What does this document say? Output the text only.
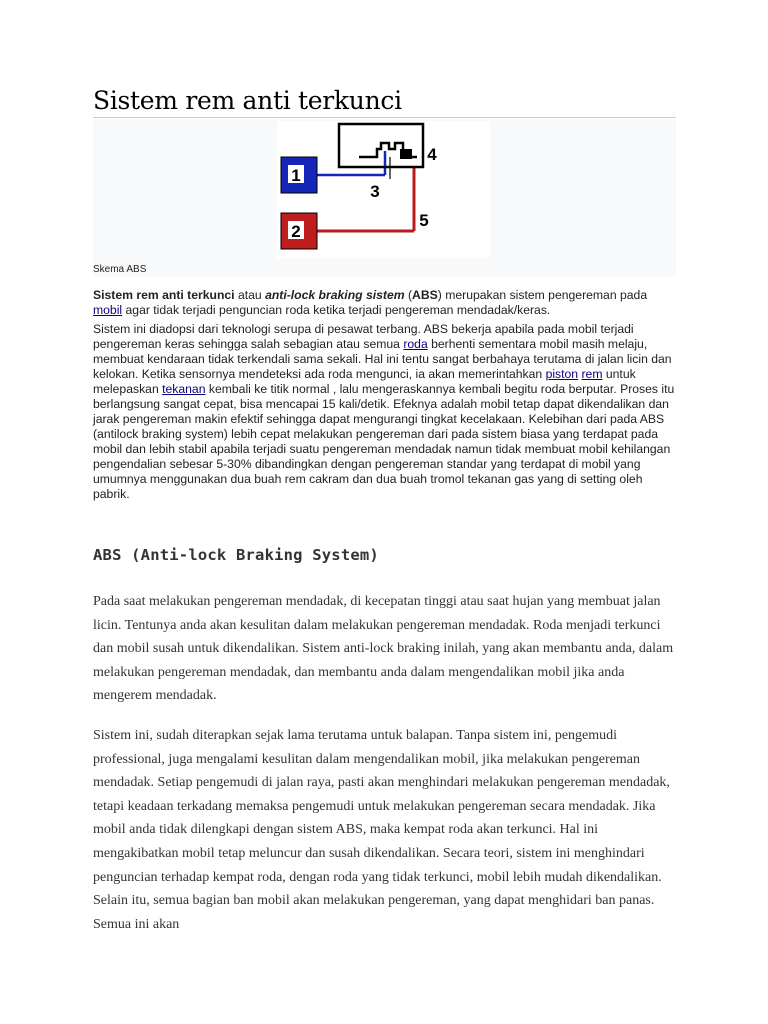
Sistem rem anti terkunci
1
2
3
4
5
Skema ABS

Sistem rem anti terkunci atau anti-lock braking sistem (ABS) merupakan sistem pengereman pada mobil agar tidak terjadi penguncian roda ketika terjadi pengereman mendadak/keras.

Sistem ini diadopsi dari teknologi serupa di pesawat terbang. ABS bekerja apabila pada mobil terjadi pengereman keras sehingga salah sebagian atau semua roda berhenti sementara mobil masih melaju, membuat kendaraan tidak terkendali sama sekali. Hal ini tentu sangat berbahaya terutama di jalan licin dan kelokan. Ketika sensornya mendeteksi ada roda mengunci, ia akan memerintahkan piston rem untuk melepaskan tekanan kembali ke titik normal , lalu mengeraskannya kembali begitu roda berputar. Proses itu berlangsung sangat cepat, bisa mencapai 15 kali/detik. Efeknya adalah mobil tetap dapat dikendalikan dan jarak pengereman makin efektif sehingga dapat mengurangi tingkat kecelakaan. Kelebihan dari pada ABS (antilock braking system) lebih cepat melakukan pengereman dari pada sistem biasa yang terdapat pada mobil dan lebih stabil apabila terjadi suatu pengereman mendadak namun tidak membuat mobil kehilangan pengendalian sebesar 5-30% dibandingkan dengan pengereman standar yang terdapat di mobil yang umumnya menggunakan dua buah rem cakram dan dua buah tromol tekanan gas yang di setting oleh pabrik.

ABS (Anti-lock Braking System)

Pada saat melakukan pengereman mendadak, di kecepatan tinggi atau saat hujan yang membuat jalan licin. Tentunya anda akan kesulitan dalam melakukan pengereman mendadak. Roda menjadi terkunci dan mobil susah untuk dikendalikan. Sistem anti-lock braking inilah, yang akan membantu anda, dalam melakukan pengereman mendadak, dan membantu anda dalam mengendalikan mobil jika anda mengerem mendadak.

Sistem ini, sudah diterapkan sejak lama terutama untuk balapan. Tanpa sistem ini, pengemudi professional, juga mengalami kesulitan dalam mengendalikan mobil, jika melakukan pengereman mendadak. Setiap pengemudi di jalan raya, pasti akan menghindari melakukan pengereman mendadak, tetapi keadaan terkadang memaksa pengemudi untuk melakukan pengereman secara mendadak. Jika mobil anda tidak dilengkapi dengan sistem ABS, maka kempat roda akan terkunci. Hal ini mengakibatkan mobil tetap meluncur dan susah dikendalikan. Secara teori, sistem ini menghindari penguncian terhadap kempat roda, dengan roda yang tidak terkunci, mobil lebih mudah dikendalikan. Selain itu, semua bagian ban mobil akan melakukan pengereman, yang dapat menghidari ban panas. Semua ini akan
